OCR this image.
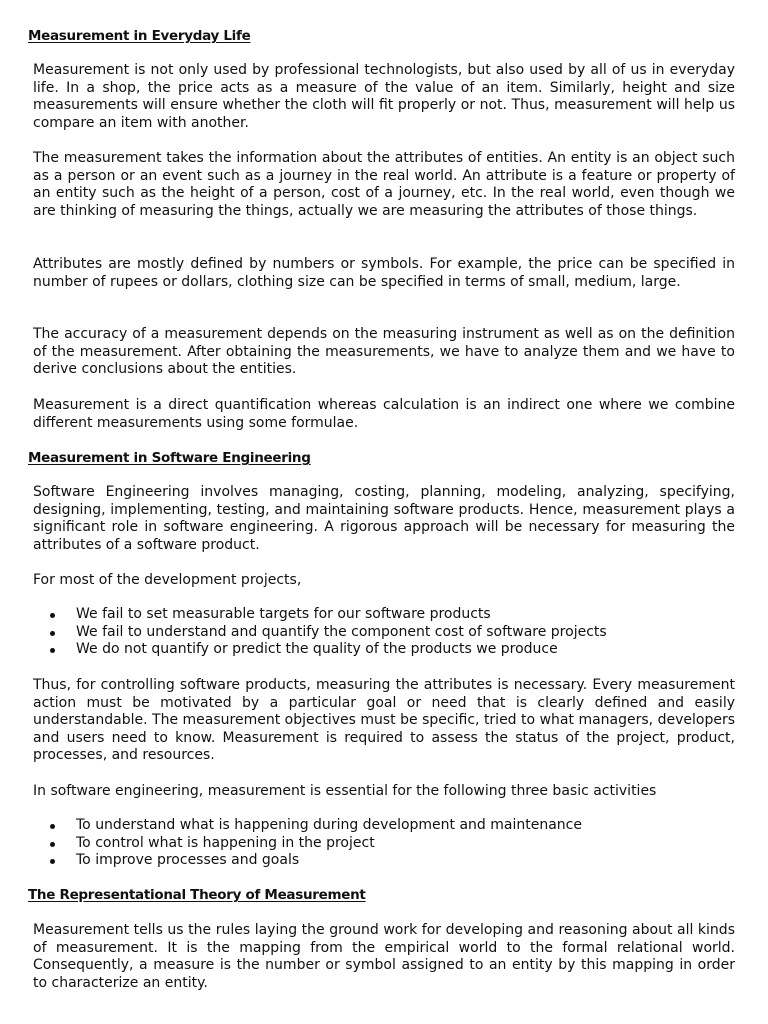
Measurement in Everyday Life

Measurement is not only used by professional technologists, but also used by all of us in everyday life. In a shop, the price acts as a measure of the value of an item. Similarly, height and size measurements will ensure whether the cloth will fit properly or not. Thus, measurement will help us compare an item with another.

The measurement takes the information about the attributes of entities. An entity is an object such as a person or an event such as a journey in the real world. An attribute is a feature or property of an entity such as the height of a person, cost of a journey, etc. In the real world, even though we are thinking of measuring the things, actually we are measuring the attributes of those things.

Attributes are mostly defined by numbers or symbols. For example, the price can be specified in number of rupees or dollars, clothing size can be specified in terms of small, medium, large.

The accuracy of a measurement depends on the measuring instrument as well as on the definition of the measurement. After obtaining the measurements, we have to analyze them and we have to derive conclusions about the entities.

Measurement is a direct quantification whereas calculation is an indirect one where we combine different measurements using some formulae.

Measurement in Software Engineering

Software Engineering involves managing, costing, planning, modeling, analyzing, specifying, designing, implementing, testing, and maintaining software products. Hence, measurement plays a significant role in software engineering. A rigorous approach will be necessary for measuring the attributes of a software product.

For most of the development projects,

We fail to set measurable targets for our software products
We fail to understand and quantify the component cost of software projects
We do not quantify or predict the quality of the products we produce

Thus, for controlling software products, measuring the attributes is necessary. Every measurement action must be motivated by a particular goal or need that is clearly defined and easily understandable. The measurement objectives must be specific, tried to what managers, developers and users need to know. Measurement is required to assess the status of the project, product, processes, and resources.

In software engineering, measurement is essential for the following three basic activities

To understand what is happening during development and maintenance
To control what is happening in the project
To improve processes and goals
The Representational Theory of Measurement

Measurement tells us the rules laying the ground work for developing and reasoning about all kinds of measurement. It is the mapping from the empirical world to the formal relational world. Consequently, a measure is the number or symbol assigned to an entity by this mapping in order to characterize an entity.
